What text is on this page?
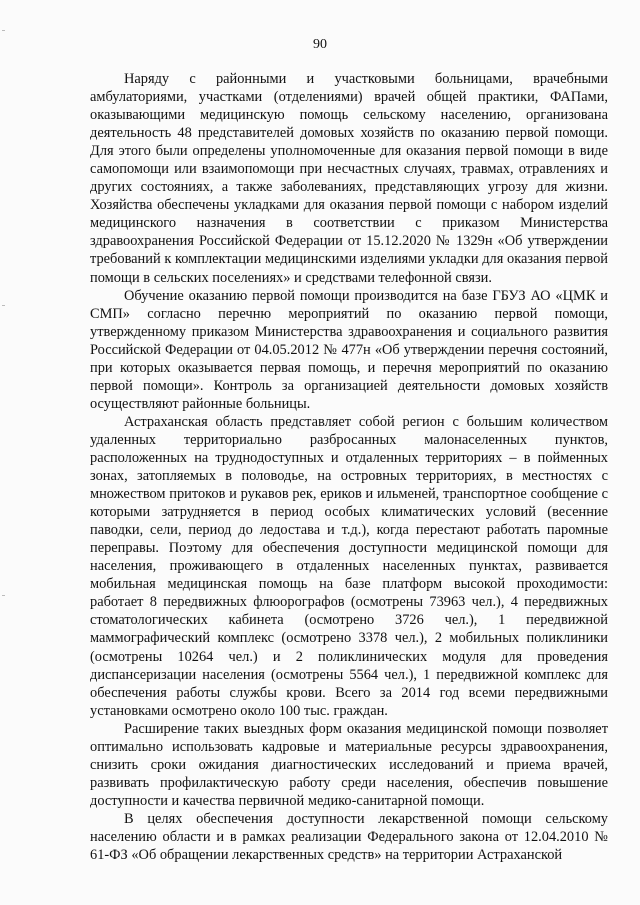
90

Наряду с районными и участковыми больницами, врачебными амбулаториями, участками (отделениями) врачей общей практики, ФАПами, оказывающими медицинскую помощь сельскому населению, организована деятельность 48 представителей домовых хозяйств по оказанию первой помощи. Для этого были определены уполномоченные для оказания первой помощи в виде самопомощи или взаимопомощи при несчастных случаях, травмах, отравлениях и других состояниях, а также заболеваниях, представляющих угрозу для жизни. Хозяйства обеспечены укладками для оказания первой помощи с набором изделий медицинского назначения в соответствии с приказом Министерства здравоохранения Российской Федерации от 15.12.2020 № 1329н «Об утверждении требований к комплектации медицинскими изделиями укладки для оказания первой помощи в сельских поселениях» и средствами телефонной связи.

Обучение оказанию первой помощи производится на базе ГБУЗ АО «ЦМК и СМП» согласно перечню мероприятий по оказанию первой помощи, утвержденному приказом Министерства здравоохранения и социального развития Российской Федерации от 04.05.2012 № 477н «Об утверждении перечня состояний, при которых оказывается первая помощь, и перечня мероприятий по оказанию первой помощи». Контроль за организацией деятельности домовых хозяйств осуществляют районные больницы.

Астраханская область представляет собой регион с большим количеством удаленных территориально разбросанных малонаселенных пунктов, расположенных на труднодоступных и отдаленных территориях – в пойменных зонах, затопляемых в половодье, на островных территориях, в местностях с множеством притоков и рукавов рек, ериков и ильменей, транспортное сообщение с которыми затрудняется в период особых климатических условий (весенние паводки, сели, период до ледостава и т.д.), когда перестают работать паромные переправы. Поэтому для обеспечения доступности медицинской помощи для населения, проживающего в отдаленных населенных пунктах, развивается мобильная медицинская помощь на базе платформ высокой проходимости: работает 8 передвижных флюорографов (осмотрены 73963 чел.), 4 передвижных стоматологических кабинета (осмотрено 3726 чел.), 1 передвижной маммографический комплекс (осмотрено 3378 чел.), 2 мобильных поликлиники (осмотрены 10264 чел.) и 2 поликлинических модуля для проведения диспансеризации населения (осмотрены 5564 чел.), 1 передвижной комплекс для обеспечения работы службы крови. Всего за 2014 год всеми передвижными установками осмотрено около 100 тыс. граждан.

Расширение таких выездных форм оказания медицинской помощи позволяет оптимально использовать кадровые и материальные ресурсы здравоохранения, снизить сроки ожидания диагностических исследований и приема врачей, развивать профилактическую работу среди населения, обеспечив повышение доступности и качества первичной медико-санитарной помощи.

В целях обеспечения доступности лекарственной помощи сельскому населению области и в рамках реализации Федерального закона от 12.04.2010 № 61-ФЗ «Об обращении лекарственных средств» на территории Астраханской
